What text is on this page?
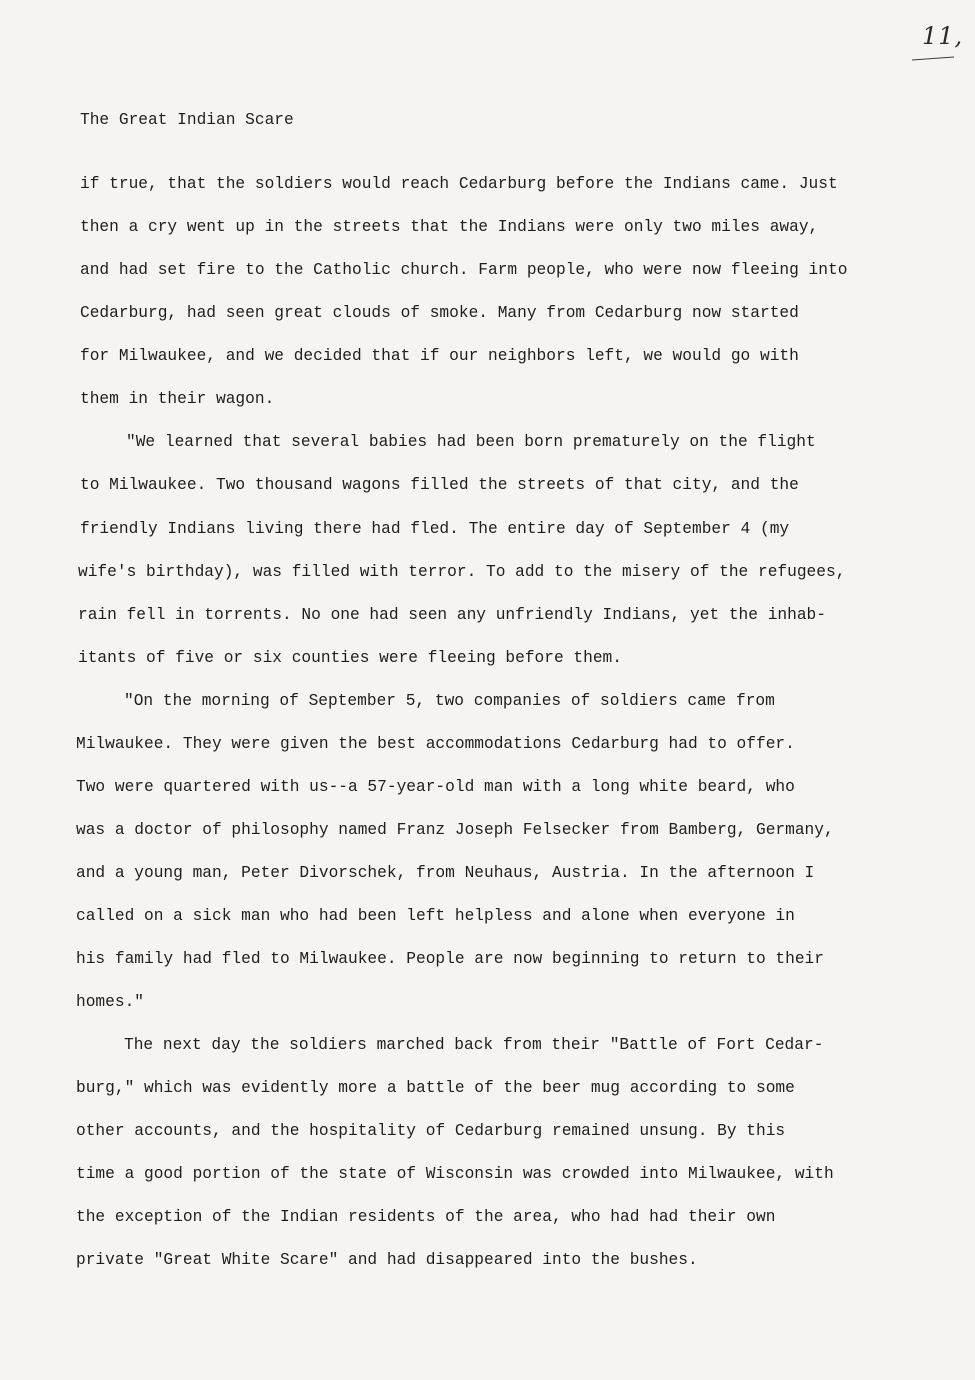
11,
The Great Indian Scare
if true, that the soldiers would reach Cedarburg before the Indians came. Just
then a cry went up in the streets that the Indians were only two miles away,
and had set fire to the Catholic church. Farm people, who were now fleeing into
Cedarburg, had seen great clouds of smoke. Many from Cedarburg now started
for Milwaukee, and we decided that if our neighbors left, we would go with
them in their wagon.
"We learned that several babies had been born prematurely on the flight
to Milwaukee. Two thousand wagons filled the streets of that city, and the
friendly Indians living there had fled. The entire day of September 4 (my
wife's birthday), was filled with terror. To add to the misery of the refugees,
rain fell in torrents. No one had seen any unfriendly Indians, yet the inhab-
itants of five or six counties were fleeing before them.
"On the morning of September 5, two companies of soldiers came from
Milwaukee. They were given the best accommodations Cedarburg had to offer.
Two were quartered with us--a 57-year-old man with a long white beard, who
was a doctor of philosophy named Franz Joseph Felsecker from Bamberg, Germany,
and a young man, Peter Divorschek, from Neuhaus, Austria. In the afternoon I
called on a sick man who had been left helpless and alone when everyone in
his family had fled to Milwaukee. People are now beginning to return to their
homes."
The next day the soldiers marched back from their "Battle of Fort Cedar-
burg," which was evidently more a battle of the beer mug according to some
other accounts, and the hospitality of Cedarburg remained unsung. By this
time a good portion of the state of Wisconsin was crowded into Milwaukee, with
the exception of the Indian residents of the area, who had had their own
private "Great White Scare" and had disappeared into the bushes.
